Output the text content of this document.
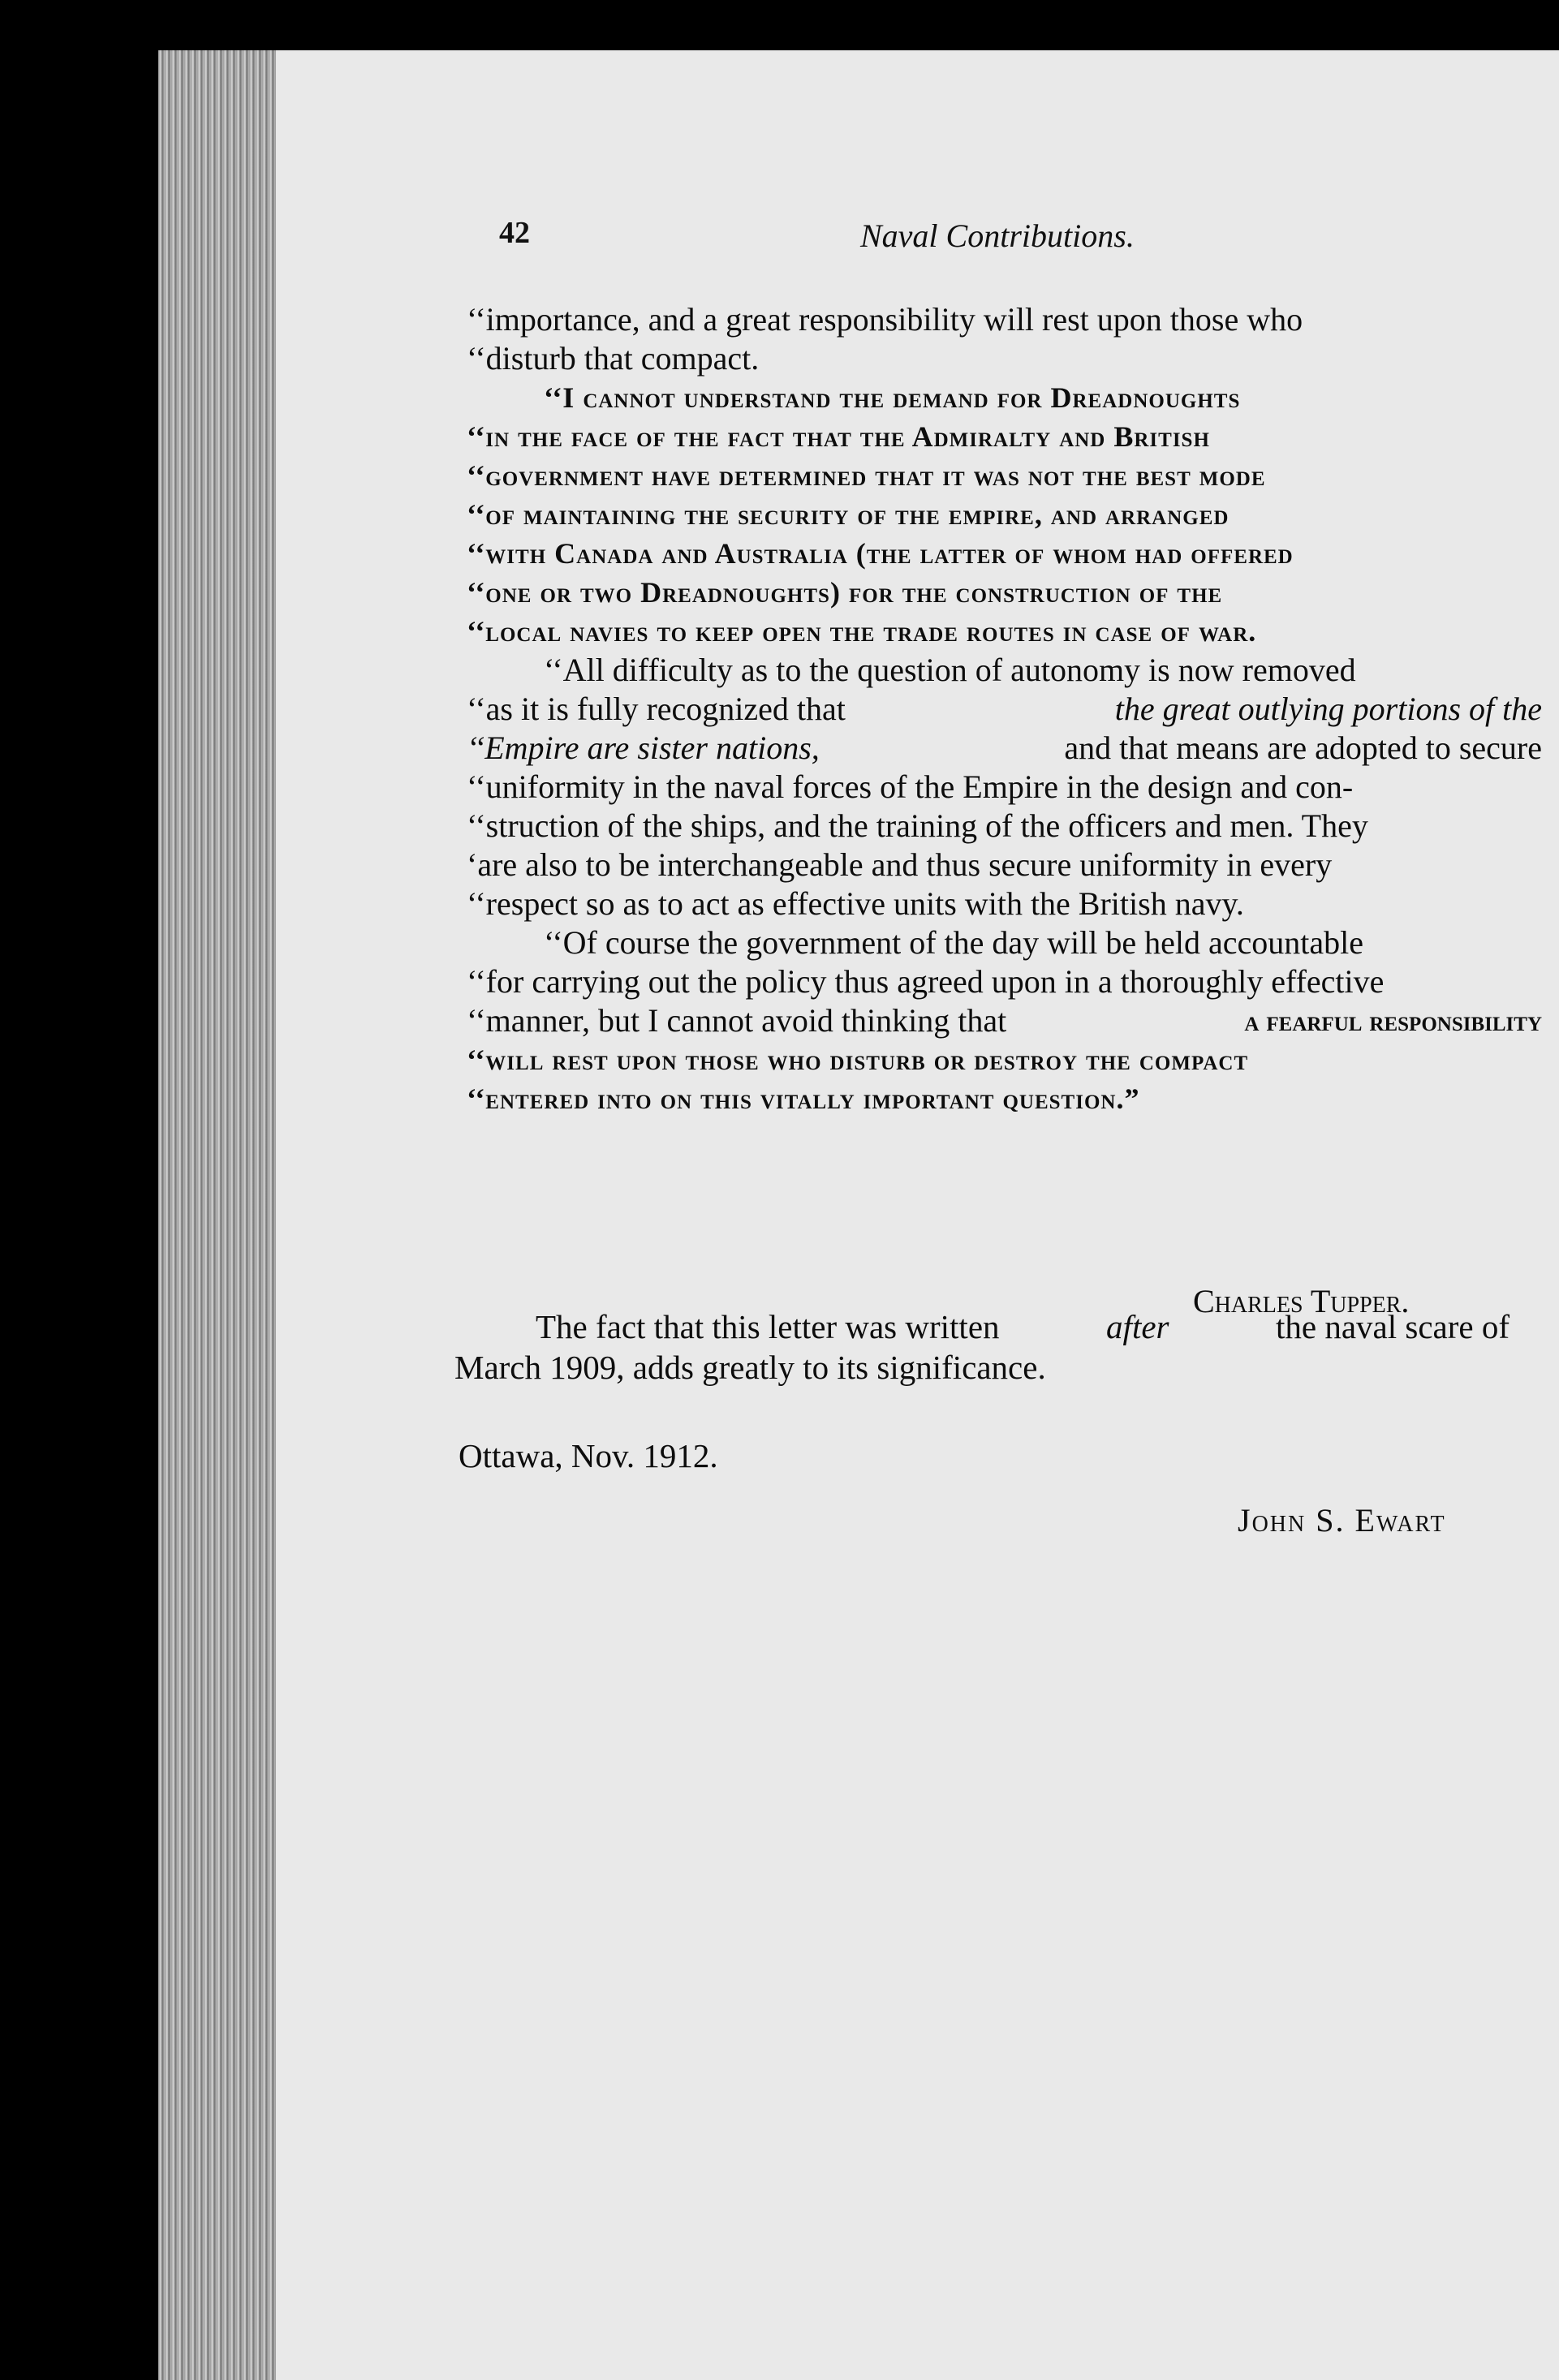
42	Naval Contributions.
‘‘importance, and a great responsibility will rest upon those who
‘‘disturb that compact.
‘‘I cannot understand the demand for Dreadnoughts
‘‘in the face of the fact that the Admiralty and British
‘‘government have determined that it was not the best mode
‘‘of maintaining the security of the empire, and arranged
‘‘with Canada and Australia (the latter of whom had offered
‘‘one or two Dreadnoughts) for the construction of the
‘‘local navies to keep open the trade routes in case of war.
‘‘All difficulty as to the question of autonomy is now removed
‘‘as it is fully recognized that	the great outlying portions of the
‘‘Empire are sister nations,	and that means are adopted to secure
‘‘uniformity in the naval forces of the Empire in the design and con-
‘‘struction of the ships, and the training of the officers and men. They
‘are also to be interchangeable and thus secure uniformity in every
‘‘respect so as to act as effective units with the British navy.
‘‘Of course the government of the day will be held accountable
‘‘for carrying out the policy thus agreed upon in a thoroughly effective
‘‘manner, but I cannot avoid thinking that	a fearful responsibility
‘‘will rest upon those who disturb or destroy the compact
‘‘entered into on this vitally important question.”
Charles Tupper.
The fact that this letter was written	after	the naval scare of
March 1909, adds greatly to its significance.
Ottawa, Nov. 1912.
John S. Ewart
